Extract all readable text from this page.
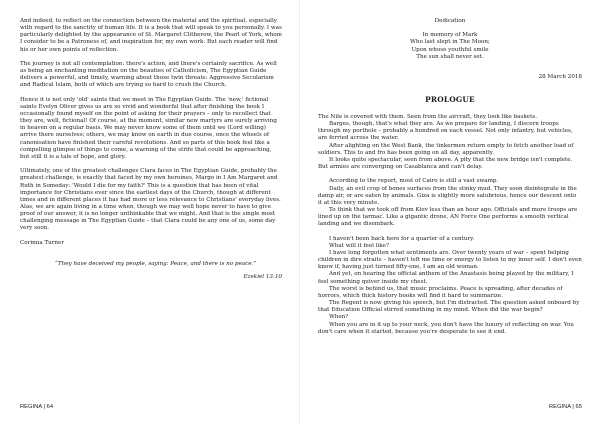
And indeed, to reflect on the connection between the material and the spiritual, especially with regard to the sanctity of human life. It is a book that will speak to you personally. I was particularly delighted by the appearance of St. Margaret Clitherow, the Pearl of York, whom I consider to be a Patroness of, and inspiration for, my own work. But each reader will find his or her own points of reflection.

The journey is not all contemplation: there's action, and there's certainly sacrifice. As well as being an enchanting meditation on the beauties of Catholicism, The Egyptian Guide delivers a powerful, and timely, warning about those twin threats: Aggressive Secularism and Radical Islam, both of which are trying so hard to crush the Church.

Hence it is not only 'old' saints that we meet in The Egyptian Guide. The 'new,' fictional saints Evelyn Oliver gives us are so vivid and wonderful that after finishing the book I occasionally found myself on the point of asking for their prayers – only to recollect that they are, well, fictional! Of course, at the moment, similar new martyrs are surely arriving in heaven on a regular basis. We may never know some of them until we (Lord willing) arrive there ourselves; others, we may know on earth in due course, once the wheels of canonisation have finished their careful revolutions. And so parts of this book feel like a compelling glimpse of things to come, a warning of the strife that could be approaching, but still it is a tale of hope, and glory.

Ultimately, one of the greatest challenges Clara faces in The Egyptian Guide, probably the greatest challenge, is exactly that faced by my own heroines, Margo in I Am Margaret and Ruth in Someday: 'Would I die for my faith?' This is a question that has been of vital importance for Christians ever since the earliest days of the Church, though at different times and in different places it has had more or less relevance to Christians' everyday lives. Alas, we are again living in a time when, though we may well hope never to have to give proof of our answer, it is no longer unthinkable that we might. And that is the single most challenging message in The Egyptian Guide – that Clara could be any one of us, some day very soon.

Corinna Turner

“They have deceived my people, saying: Peace, and there is no peace.”

Ezekiel 13:10

REGINA | 64

Dedication

In memory of Mark

Who last slept in The Moon;

Upon whose youthful smile

The sun shall never set.

28 March 2018
PROLOGUE

The Nile is covered with them. Seen from the aircraft, they look like baskets.

Barges, though, that's what they are. As we prepare for landing, I discern troops through my porthole – probably a hundred on each vessel. Not only infantry, but vehicles, are ferried across the water.

After alighting on the West Bank, the tinkermen return empty to fetch another load of soldiers. This to and fro has been going on all day, apparently.

It looks quite spectacular, seen from above. A pity that the new bridge isn't complete. But armies are converging on Casablanca and can't delay.

According to the report, most of Cairo is still a vast swamp.

Daily, an evil crop of bones surfaces from the stinky mud. They soon disintegrate in the damp air, or are eaten by animals. Giza is slightly more salubrious, hence our descent onto it at this very minute.

To think that we took off from Kiev less than an hour ago. Officials and more troops are lined up on the tarmac. Like a gigantic drone, AN Force One performs a smooth vertical landing and we disembark.

I haven't been back here for a quarter of a century.

What will it feel like?

I have long forgotten what sentiments are. Over twenty years of war – spent helping children in dire straits – haven't left me time or energy to listen to my inner self. I don't even know if, having just turned fifty-one, I am an old woman.

And yet, on hearing the official anthem of the Anastasis being played by the military, I feel something quiver inside my chest.

The worst is behind us, that music proclaims. Peace is spreading, after decades of horrors, which thick history books will find it hard to summarize.

The Regent is now giving his speech, but I'm distracted. The question asked onboard by that Education Official stirred something in my mind. When did the war begin?

When?

When you are in it up to your neck, you don't have the luxury of reflecting on war. You don't care when it started, because you're desperate to see it end.

REGINA | 65
